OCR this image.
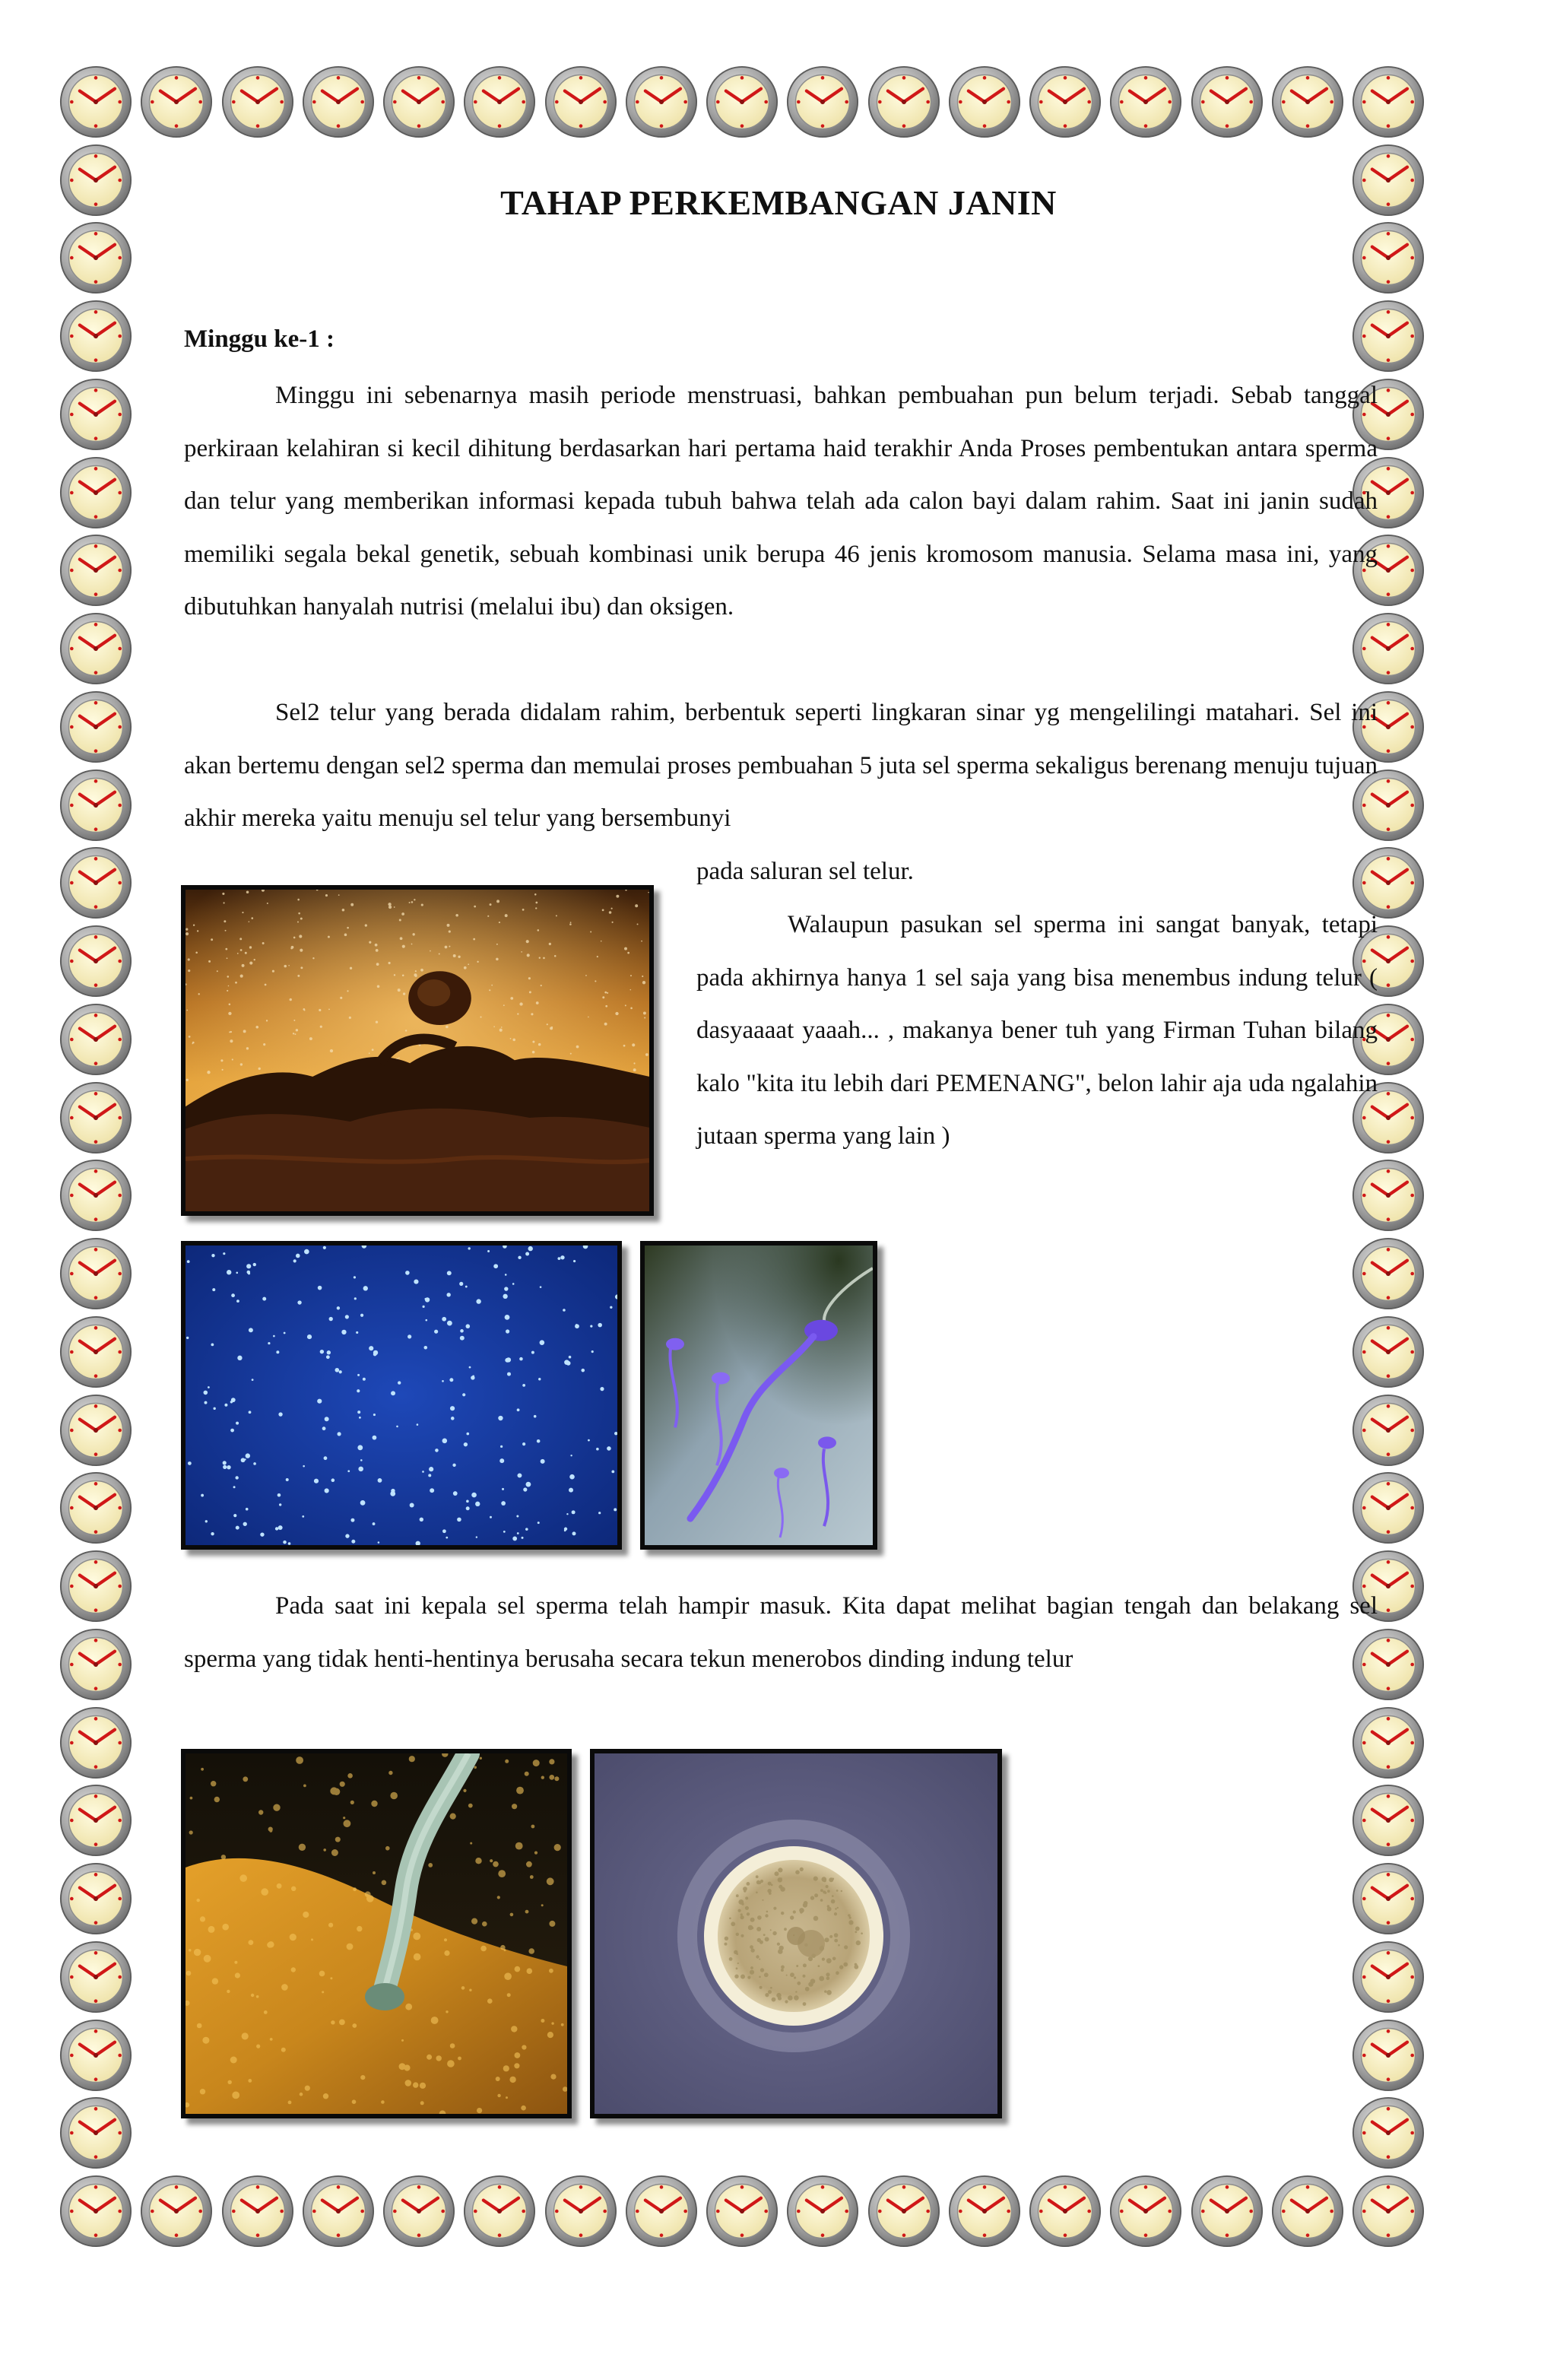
TAHAP PERKEMBANGAN JANIN
Minggu ke-1 :

Minggu ini sebenarnya masih periode menstruasi, bahkan pembuahan pun belum terjadi. Sebab tanggal perkiraan kelahiran si kecil dihitung berdasarkan hari pertama haid terakhir Anda Proses pembentukan antara sperma dan telur yang memberikan informasi kepada tubuh bahwa telah ada calon bayi dalam rahim. Saat ini janin sudah memiliki segala bekal genetik, sebuah kombinasi unik berupa 46 jenis kromosom manusia. Selama masa ini, yang dibutuhkan hanyalah nutrisi (melalui ibu) dan oksigen.

Sel2 telur yang berada didalam rahim, berbentuk seperti lingkaran sinar yg mengelilingi matahari. Sel ini akan bertemu dengan sel2 sperma dan memulai proses pembuahan 5 juta sel sperma sekaligus berenang menuju tujuan akhir mereka yaitu menuju sel telur yang bersembunyi

pada saluran sel telur.

Walaupun pasukan sel sperma ini sangat banyak, tetapi pada akhirnya hanya 1 sel saja yang bisa menembus indung telur ( dasyaaaat yaaah... , makanya bener tuh yang Firman Tuhan bilang kalo "kita itu lebih dari PEMENANG", belon lahir aja uda ngalahin jutaan sperma yang lain )

Pada saat ini kepala sel sperma telah hampir masuk. Kita dapat melihat bagian tengah dan belakang sel sperma yang tidak henti-hentinya berusaha secara tekun menerobos dinding indung telur
